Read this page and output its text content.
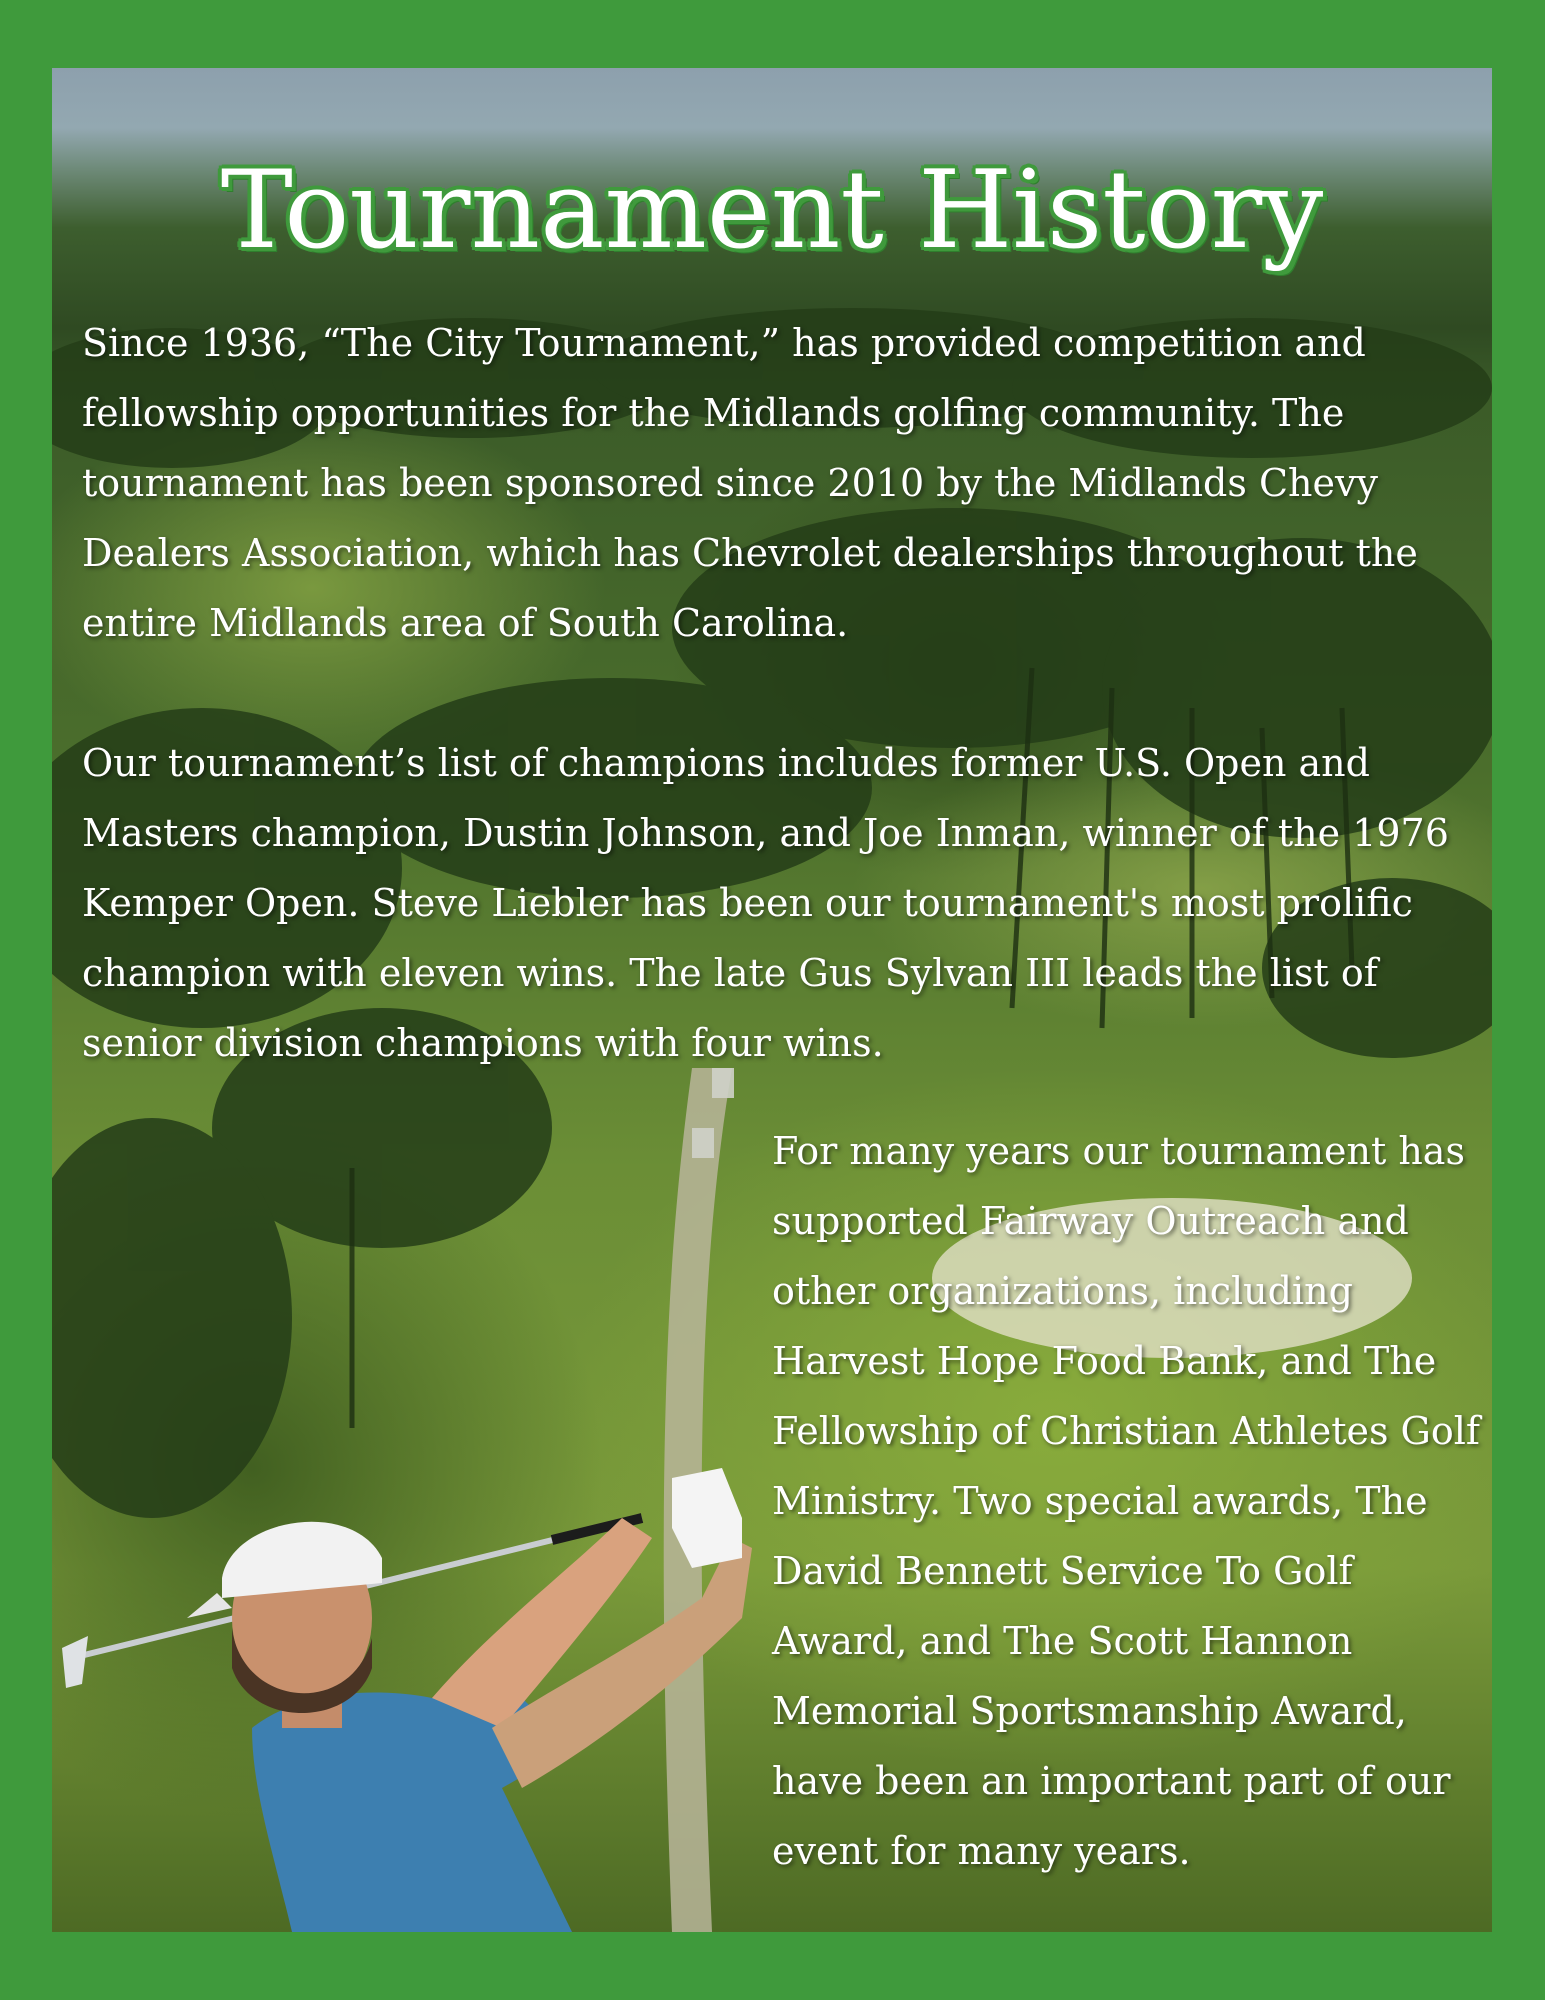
Tournament History

Since 1936, “The City Tournament,” has provided competition and fellowship opportunities for the Midlands golfing community. The tournament has been sponsored since 2010 by the Midlands Chevy Dealers Association, which has Chevrolet dealerships throughout the entire Midlands area of South Carolina.

Our tournament’s list of champions includes former U.S. Open and Masters champion, Dustin Johnson, and Joe Inman, winner of the 1976 Kemper Open. Steve Liebler has been our tournament's most prolific champion with eleven wins. The late Gus Sylvan III leads the list of senior division champions with four wins.

For many years our tournament has supported Fairway Outreach and other organizations, including Harvest Hope Food Bank, and The Fellowship of Christian Athletes Golf Ministry. Two special awards, The David Bennett Service To Golf Award, and The Scott Hannon Memorial Sportsmanship Award, have been an important part of our event for many years.
